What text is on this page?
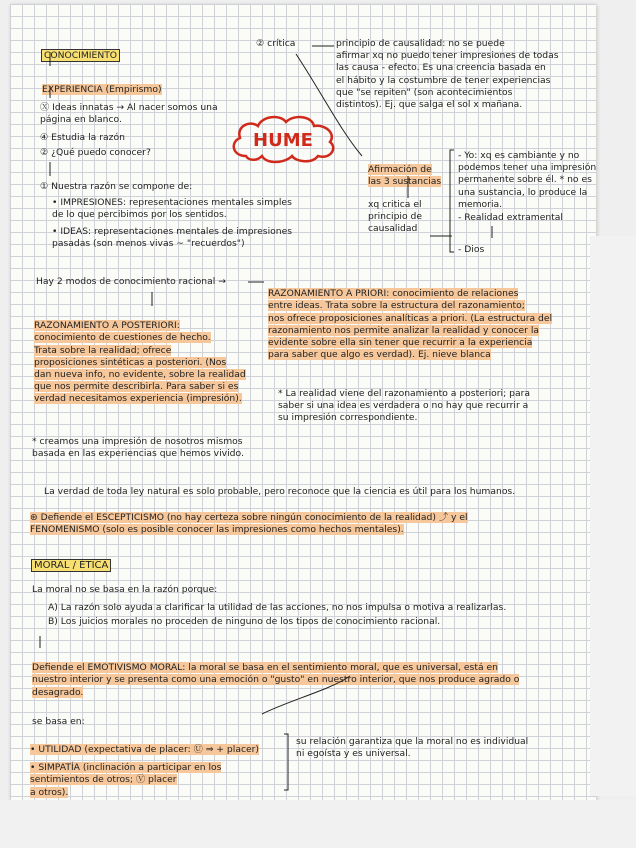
CONOCIMIENTO

EXPERIENCIA (Empirismo)

Ⓧ Ideas innatas → Al nacer somos una
página en blanco.

④ Estudia la razón

② ¿Qué puedo conocer?

① Nuestra razón se compone de:

• IMPRESIONES: representaciones mentales simples
de lo que percibimos por los sentidos.

• IDEAS: representaciones mentales de impresiones
pasadas (son menos vivas ~ "recuerdos")

HUME

② crítica	principio de causalidad: no se puede
afirmar xq no puedo tener impresiones de todas
las causa - efecto. Es una creencia basada en
el hábito y la costumbre de tener experiencias
que "se repiten" (son acontecimientos
distintos). Ej. que salga el sol x mañana.

Afirmación de
las 3 sustancias

xq critica el
principio de
causalidad

- Yo: xq es cambiante y no
podemos tener una impresión
permanente sobre él. * no es
una sustancia, lo produce la memoria.

- Realidad extramental

- Dios

Hay 2 modos de conocimiento racional →

RAZONAMIENTO A PRIORI: conocimiento de relaciones
entre ideas. Trata sobre la estructura del razonamiento;
nos ofrece proposiciones analíticas a priori. (La estructura del
razonamiento nos permite analizar la realidad y conocer la
evidente sobre ella sin tener que recurrir a la experiencia
para saber que algo es verdad). Ej. nieve blanca

RAZONAMIENTO A POSTERIORI:
conocimiento de cuestiones de hecho.
Trata sobre la realidad; ofrece
proposiciones sintéticas a posteriori. (Nos
dan nueva info, no evidente, sobre la realidad
que nos permite describirla. Para saber si es
verdad necesitamos experiencia (impresión).	* La realidad viene del razonamiento a posteriori; para
saber si una idea es verdadera o no hay que recurrir a
su impresión correspondiente.

* creamos una impresión de nosotros mismos
basada en las experiencias que hemos vivido.

La verdad de toda ley natural es solo probable, pero reconoce que la ciencia es útil para los humanos.

⊛ Defiende el ESCEPTICISMO (no hay certeza sobre ningún conocimiento de la realidad) ⤴ y el
FENOMENISMO (solo es posible conocer las impresiones como hechos mentales).

MORAL / ÉTICA

La moral no se basa en la razón porque:

A) La razón solo ayuda a clarificar la utilidad de las acciones, no nos impulsa o motiva a realizarlas.

B) Los juicios morales no proceden de ninguno de los tipos de conocimiento racional.

Defiende el EMOTIVISMO MORAL: la moral se basa en el sentimiento moral, que es universal, está en
nuestro interior y se presenta como una emoción o "gusto" en nuestro interior, que nos produce agrado o
desagrado.

se basa en:

• UTILIDAD (expectativa de placer: Ⓤ ⇒ + placer)

• SIMPATÍA (inclinación a participar en los
sentimientos de otros; Ⓥ placer
a otros).

su relación garantiza que la moral no es individual
ni egoísta y es universal.
